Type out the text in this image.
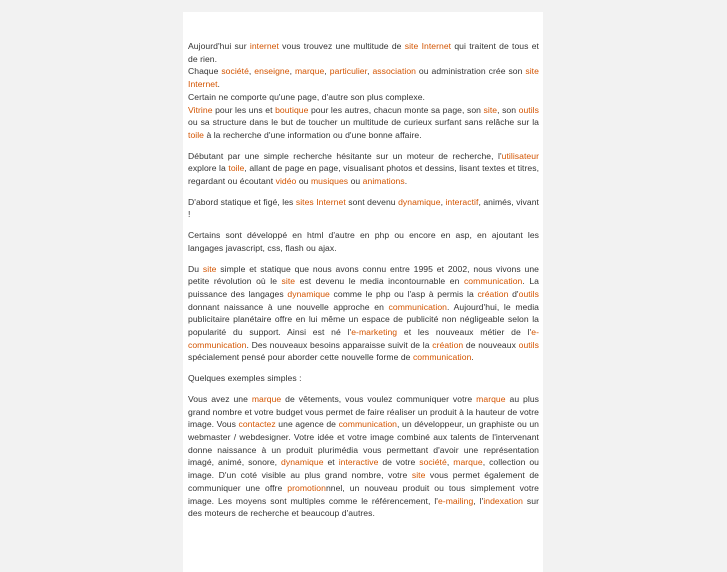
Aujourd'hui sur internet vous trouvez une multitude de site Internet qui traitent de tous et de rien.

Chaque société, enseigne, marque, particulier, association ou administration crée son site Internet.

Certain ne comporte qu'une page, d'autre son plus complexe.

Vitrine pour les uns et boutique pour les autres, chacun monte sa page, son site, son outils ou sa structure dans le but de toucher un multitude de curieux surfant sans relâche sur la toile à la recherche d'une information ou d'une bonne affaire.

Débutant par une simple recherche hésitante sur un moteur de recherche, l'utilisateur explore la toile, allant de page en page, visualisant photos et dessins, lisant textes et titres, regardant ou écoutant vidéo ou musiques ou animations.

D'abord statique et figé, les sites Internet sont devenu dynamique, interactif, animés, vivant !

Certains sont développé en html d'autre en php ou encore en asp, en ajoutant les langages javascript, css, flash ou ajax.

Du site simple et statique que nous avons connu entre 1995 et 2002, nous vivons une petite révolution où le site est devenu le media incontournable en communication. La puissance des langages dynamique comme le php ou l'asp à permis la création d'outils donnant naissance à une nouvelle approche en communication. Aujourd'hui, le media publicitaire planétaire offre en lui même un espace de publicité non négligeable selon la popularité du support. Ainsi est né l'e-marketing et les nouveaux métier de l'e-communication. Des nouveaux besoins apparaisse suivit de la création de nouveaux outils spécialement pensé pour aborder cette nouvelle forme de communication.

Quelques exemples simples :

Vous avez une marque de vêtements, vous voulez communiquer votre marque au plus grand nombre et votre budget vous permet de faire réaliser un produit à la hauteur de votre image. Vous contactez une agence de communication, un développeur, un graphiste ou un webmaster / webdesigner. Votre idée et votre image combiné aux talents de l'intervenant donne naissance à un produit plurimédia vous permettant d'avoir une représentation imagé, animé, sonore, dynamique et interactive de votre société, marque, collection ou image. D'un coté visible au plus grand nombre, votre site vous permet également de communiquer une offre promotionnnel, un nouveau produit ou tous simplement votre image. Les moyens sont multiples comme le référencement, l'e-mailing, l'indexation sur des moteurs de recherche et beaucoup d'autres.
